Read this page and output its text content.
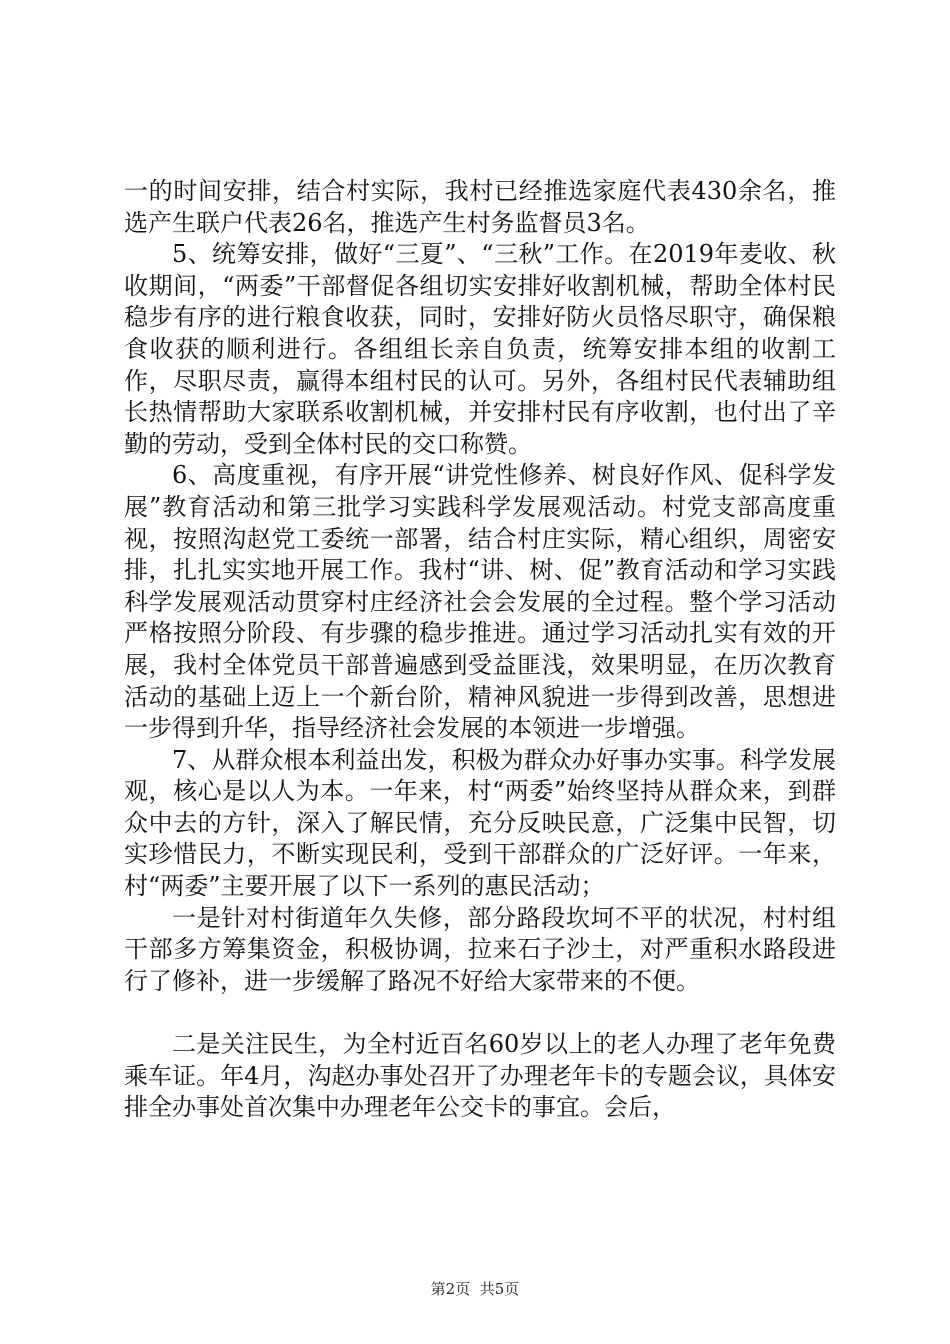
一的时间安排，结合村实际，我村已经推选家庭代表430余名，推选产生联户代表26名，推选产生村务监督员3名。

5、统筹安排，做好“三夏”、“三秋”工作。在2019年麦收、秋收期间，“两委”干部督促各组切实安排好收割机械，帮助全体村民稳步有序的进行粮食收获，同时，安排好防火员恪尽职守，确保粮食收获的顺利进行。各组组长亲自负责，统筹安排本组的收割工作，尽职尽责，赢得本组村民的认可。另外，各组村民代表辅助组长热情帮助大家联系收割机械，并安排村民有序收割，也付出了辛勤的劳动，受到全体村民的交口称赞。

6、高度重视，有序开展“讲党性修养、树良好作风、促科学发展”教育活动和第三批学习实践科学发展观活动。村党支部高度重视，按照沟赵党工委统一部署，结合村庄实际，精心组织，周密安排，扎扎实实地开展工作。我村“讲、树、促”教育活动和学习实践科学发展观活动贯穿村庄经济社会会发展的全过程。整个学习活动严格按照分阶段、有步骤的稳步推进。通过学习活动扎实有效的开展，我村全体党员干部普遍感到受益匪浅，效果明显，在历次教育活动的基础上迈上一个新台阶，精神风貌进一步得到改善，思想进一步得到升华，指导经济社会发展的本领进一步增强。

7、从群众根本利益出发，积极为群众办好事办实事。科学发展观，核心是以人为本。一年来，村“两委”始终坚持从群众来，到群众中去的方针，深入了解民情，充分反映民意，广泛集中民智，切实珍惜民力，不断实现民利，受到干部群众的广泛好评。一年来，村“两委”主要开展了以下一系列的惠民活动；

一是针对村街道年久失修，部分路段坎坷不平的状况，村村组干部多方筹集资金，积极协调，拉来石子沙土，对严重积水路段进行了修补，进一步缓解了路况不好给大家带来的不便。

二是关注民生，为全村近百名60岁以上的老人办理了老年免费乘车证。年4月，沟赵办事处召开了办理老年卡的专题会议，具体安排全办事处首次集中办理老年公交卡的事宜。会后，

第2页 共5页
